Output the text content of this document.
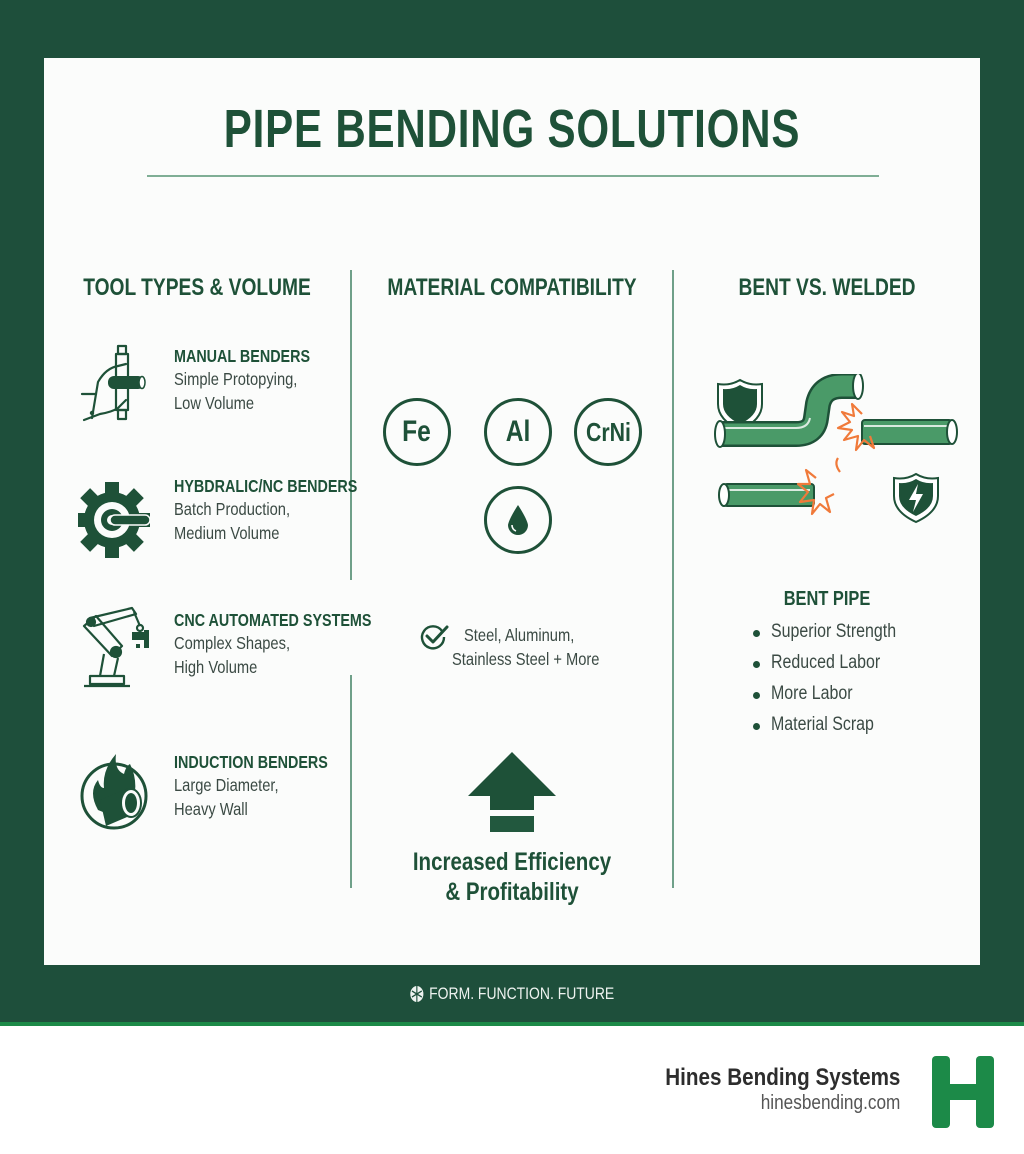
PIPE BENDING SOLUTIONS
TOOL TYPES & VOLUME
MANUAL BENDERS
Simple Protopying,
Low Volume
HYBDRALIC/NC BENDERS
Batch Production,
Medium Volume
CNC AUTOMATED SYSTEMS
Complex Shapes,
High Volume
INDUCTION BENDERS
Large Diameter,
Heavy Wall
MATERIAL COMPATIBILITY
Fe Al CrNi
Steel, Aluminum,
Stainless Steel + More
Increased Efficiency
& Profitability
BENT VS. WELDED
BENT PIPE
Superior Strength
Reduced Labor
More Labor
Material Scrap
FORM. FUNCTION. FUTURE
Hines Bending Systems
hinesbending.com
